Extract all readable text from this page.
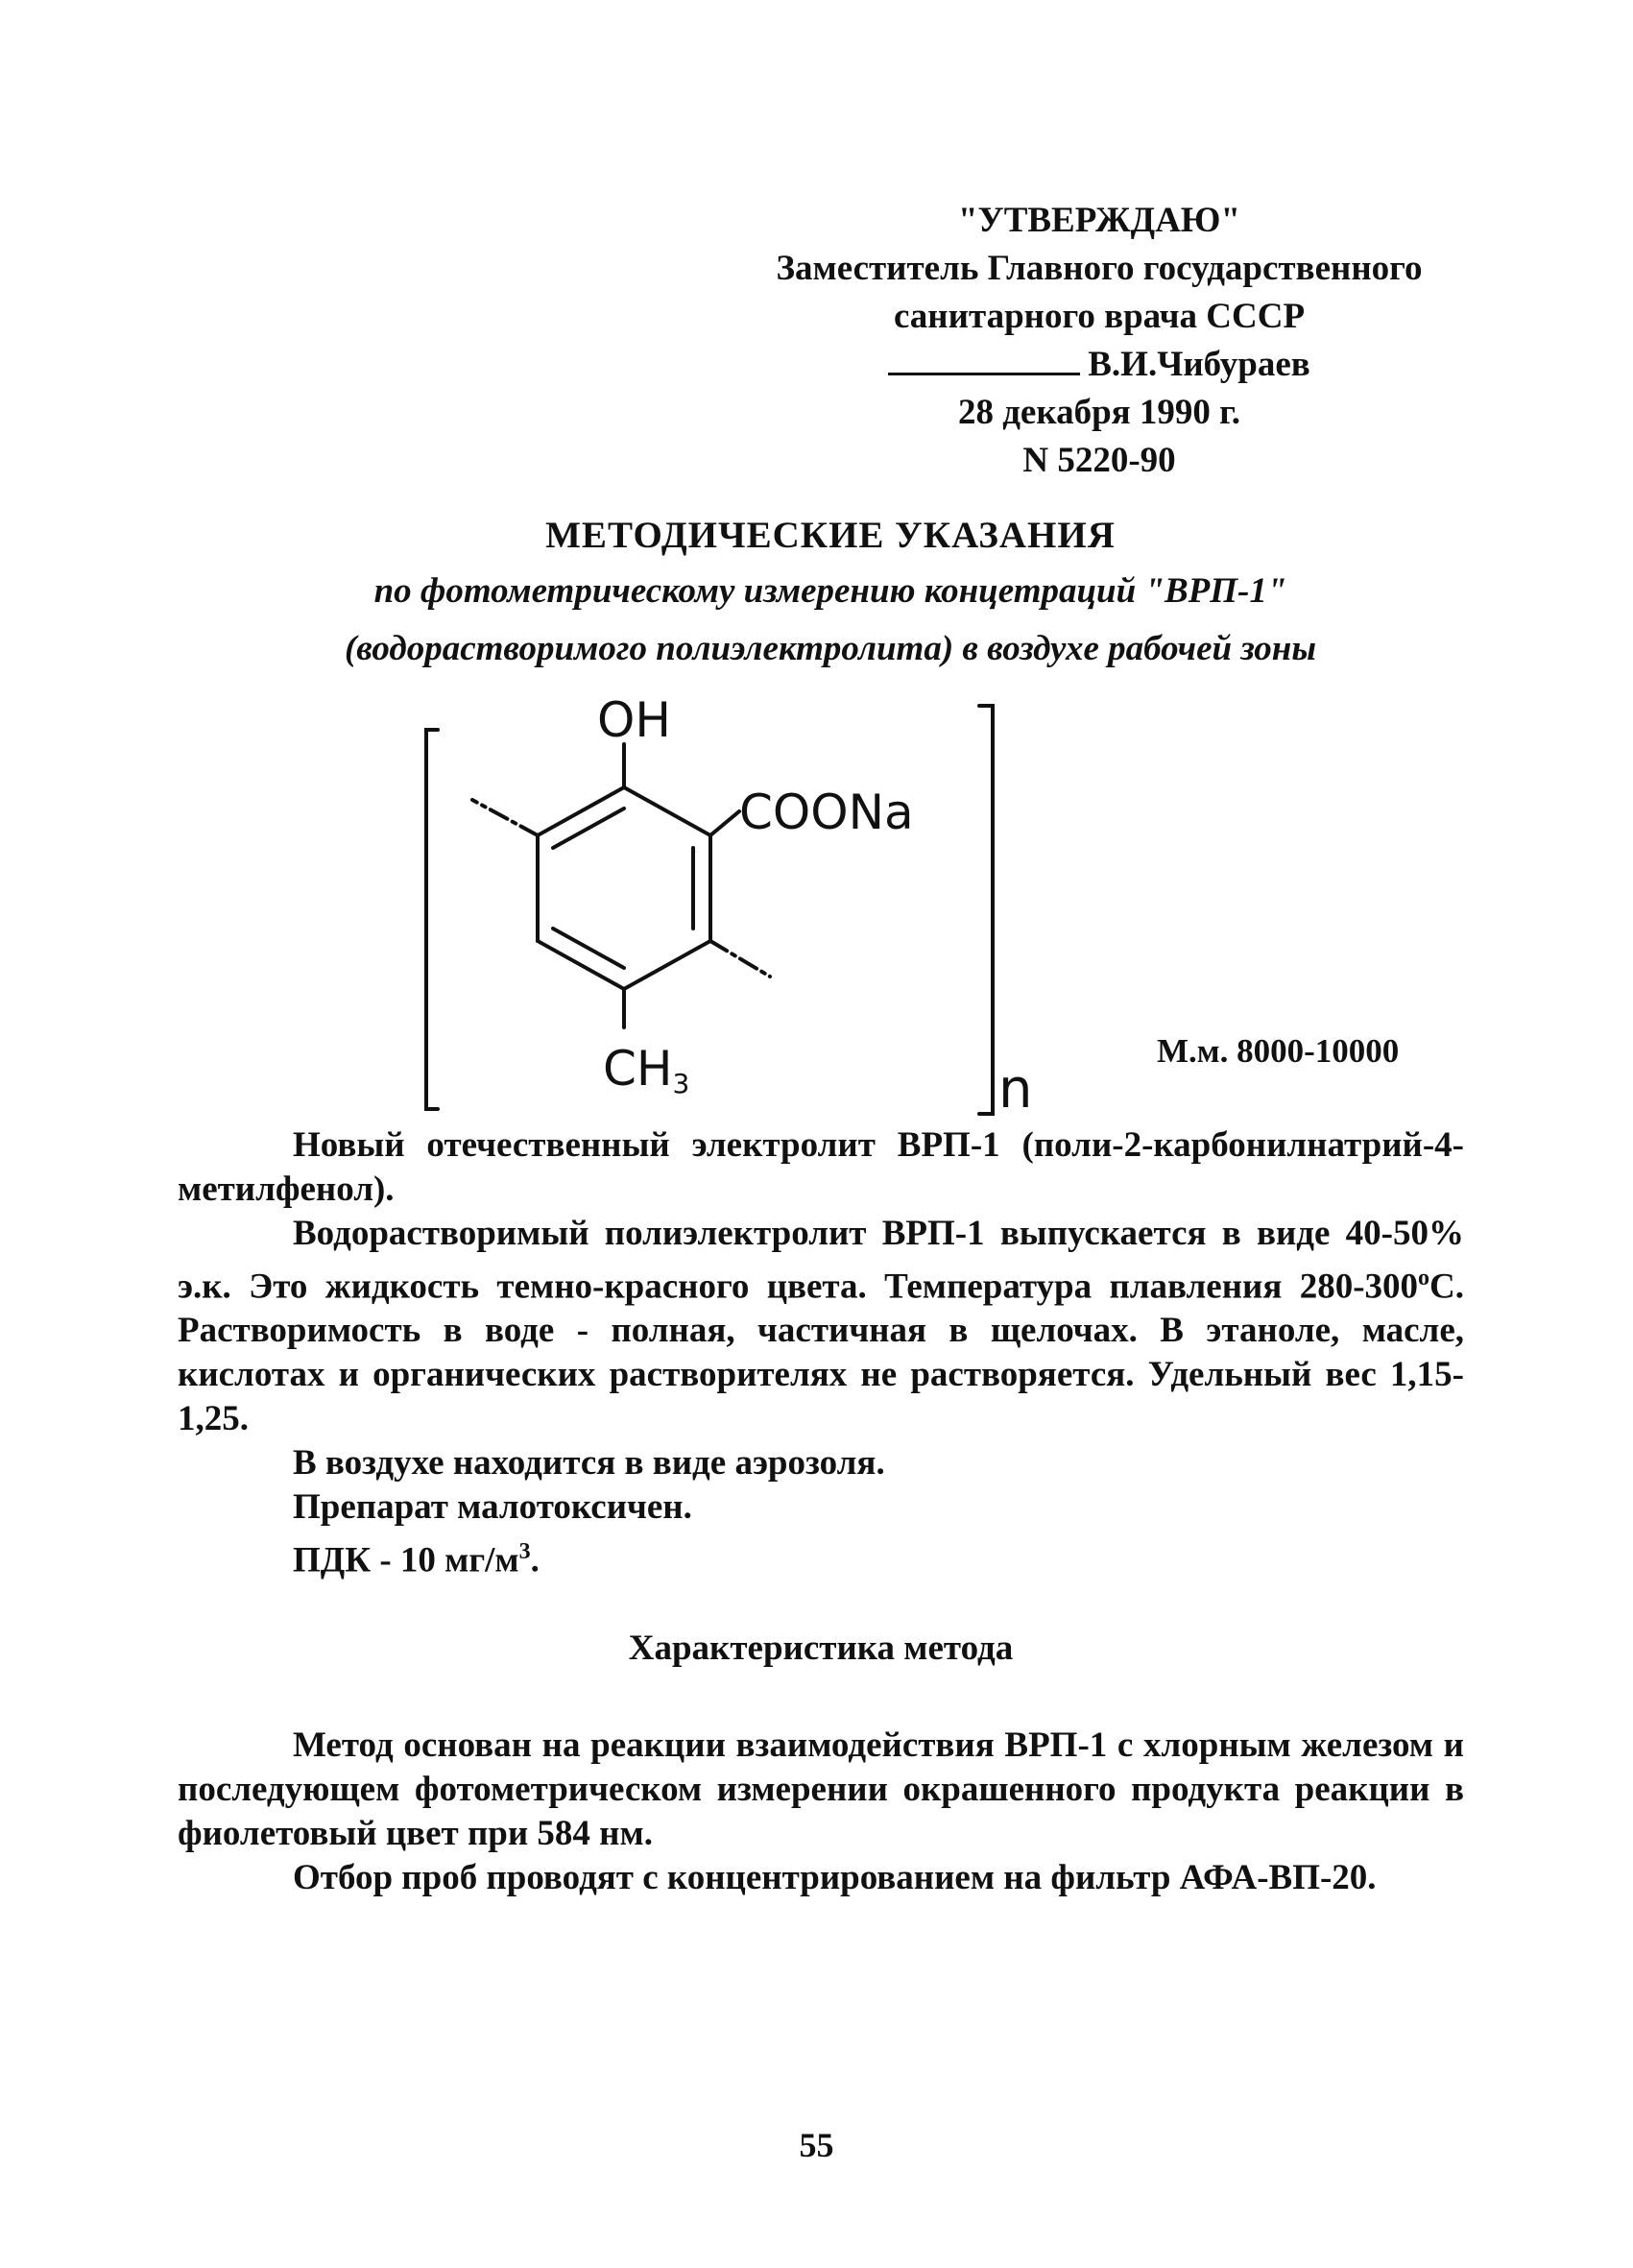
"УТВЕРЖДАЮ"
Заместитель Главного государственного
санитарного врача СССР
В.И.Чибураев
28 декабря 1990 г.
N 5220-90
МЕТОДИЧЕСКИЕ УКАЗАНИЯ
по фотометрическому измерению концетраций "ВРП-1"
(водорастворимого полиэлектролита) в воздухе рабочей зоны
OH
COONa
CH3	n
М.м. 8000-10000
Новый отечественный электролит ВРП-1 (поли-2-карбонилнатрий-4-метилфенол).
Водорастворимый полиэлектролит ВРП-1 выпускается в виде 40-50% э.к. Это жидкость темно-красного цвета. Температура плавления $280-300^оС$. Растворимость в воде - полная, частичная в щелочах. В этаноле, масле, кислотах и органических растворителях не растворяется. Удельный вес 1,15-1,25.
В воздухе находится в виде аэрозоля.
Препарат малотоксичен.
ПДК - 10 $мг/м^3$.
Характеристика метода
Метод основан на реакции взаимодействия ВРП-1 с хлорным железом и последующем фотометрическом измерении окрашенного продукта реакции в фиолетовый цвет при 584 нм.
Отбор проб проводят с концентрированием на фильтр АФА-ВП-20.
55
